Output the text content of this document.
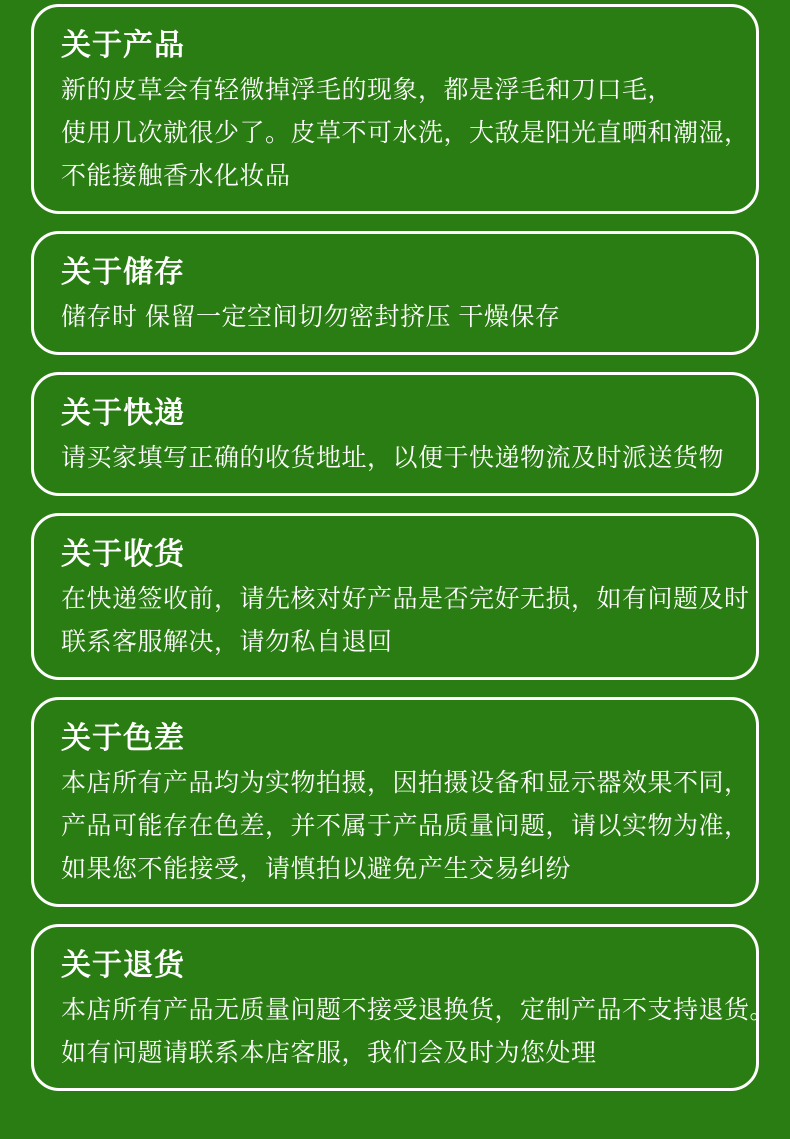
关于产品

新的皮草会有轻微掉浮毛的现象，都是浮毛和刀口毛，

使用几次就很少了。皮草不可水洗，大敌是阳光直晒和潮湿，

不能接触香水化妆品

关于储存

储存时 保留一定空间切勿密封挤压 干燥保存

关于快递

请买家填写正确的收货地址，以便于快递物流及时派送货物

关于收货

在快递签收前，请先核对好产品是否完好无损，如有问题及时

联系客服解决，请勿私自退回

关于色差

本店所有产品均为实物拍摄，因拍摄设备和显示器效果不同，

产品可能存在色差，并不属于产品质量问题，请以实物为准，

如果您不能接受，请慎拍以避免产生交易纠纷

关于退货

本店所有产品无质量问题不接受退换货，定制产品不支持退货。

如有问题请联系本店客服，我们会及时为您处理
